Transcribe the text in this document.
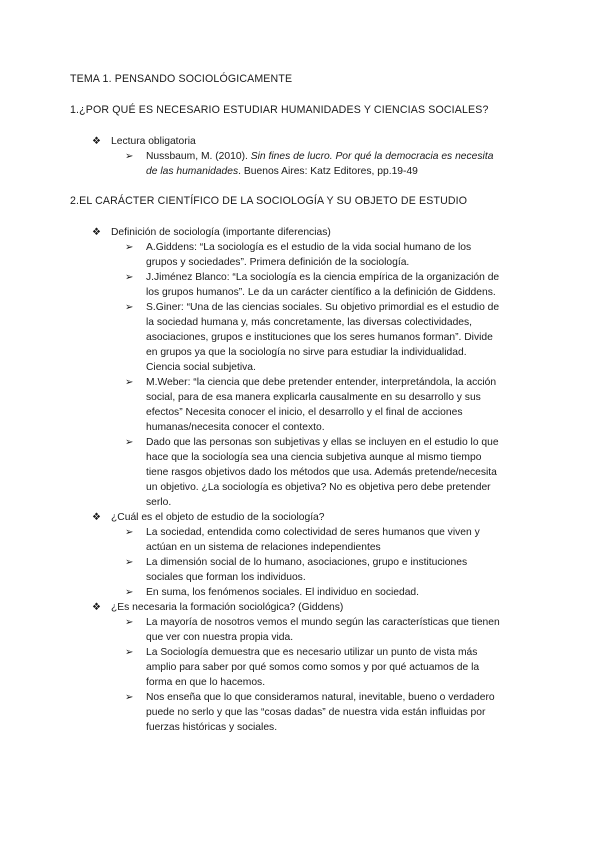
TEMA 1. PENSANDO SOCIOLÓGICAMENTE
1.¿POR QUÉ ES NECESARIO ESTUDIAR HUMANIDADES Y CIENCIAS SOCIALES?
❖ Lectura obligatoria
➢ Nussbaum, M. (2010). Sin fines de lucro. Por qué la democracia es necesita
de las humanidades. Buenos Aires: Katz Editores, pp.19-49
2.EL CARÁCTER CIENTÍFICO DE LA SOCIOLOGÍA Y SU OBJETO DE ESTUDIO
❖ Definición de sociología (importante diferencias)
➢ A.Giddens: “La sociología es el estudio de la vida social humano de los
grupos y sociedades”. Primera definición de la sociología.
➢ J.Jiménez Blanco: “La sociología es la ciencia empírica de la organización de
los grupos humanos”. Le da un carácter científico a la definición de Giddens.
➢ S.Giner: “Una de las ciencias sociales. Su objetivo primordial es el estudio de
la sociedad humana y, más concretamente, las diversas colectividades,
asociaciones, grupos e instituciones que los seres humanos forman”. Divide
en grupos ya que la sociología no sirve para estudiar la individualidad.
Ciencia social subjetiva.
➢ M.Weber: “la ciencia que debe pretender entender, interpretándola, la acción
social, para de esa manera explicarla causalmente en su desarrollo y sus
efectos” Necesita conocer el inicio, el desarrollo y el final de acciones
humanas/necesita conocer el contexto.
➢ Dado que las personas son subjetivas y ellas se incluyen en el estudio lo que
hace que la sociología sea una ciencia subjetiva aunque al mismo tiempo
tiene rasgos objetivos dado los métodos que usa. Además pretende/necesita
un objetivo. ¿La sociología es objetiva? No es objetiva pero debe pretender
serlo.
❖ ¿Cuál es el objeto de estudio de la sociología?
➢ La sociedad, entendida como colectividad de seres humanos que viven y
actúan en un sistema de relaciones independientes
➢ La dimensión social de lo humano, asociaciones, grupo e instituciones
sociales que forman los individuos.
➢ En suma, los fenómenos sociales. El individuo en sociedad.
❖ ¿Es necesaria la formación sociológica? (Giddens)
➢ La mayoría de nosotros vemos el mundo según las características que tienen
que ver con nuestra propia vida.
➢ La Sociología demuestra que es necesario utilizar un punto de vista más
amplio para saber por qué somos como somos y por qué actuamos de la
forma en que lo hacemos.
➢ Nos enseña que lo que consideramos natural, inevitable, bueno o verdadero
puede no serlo y que las “cosas dadas” de nuestra vida están influidas por
fuerzas históricas y sociales.
